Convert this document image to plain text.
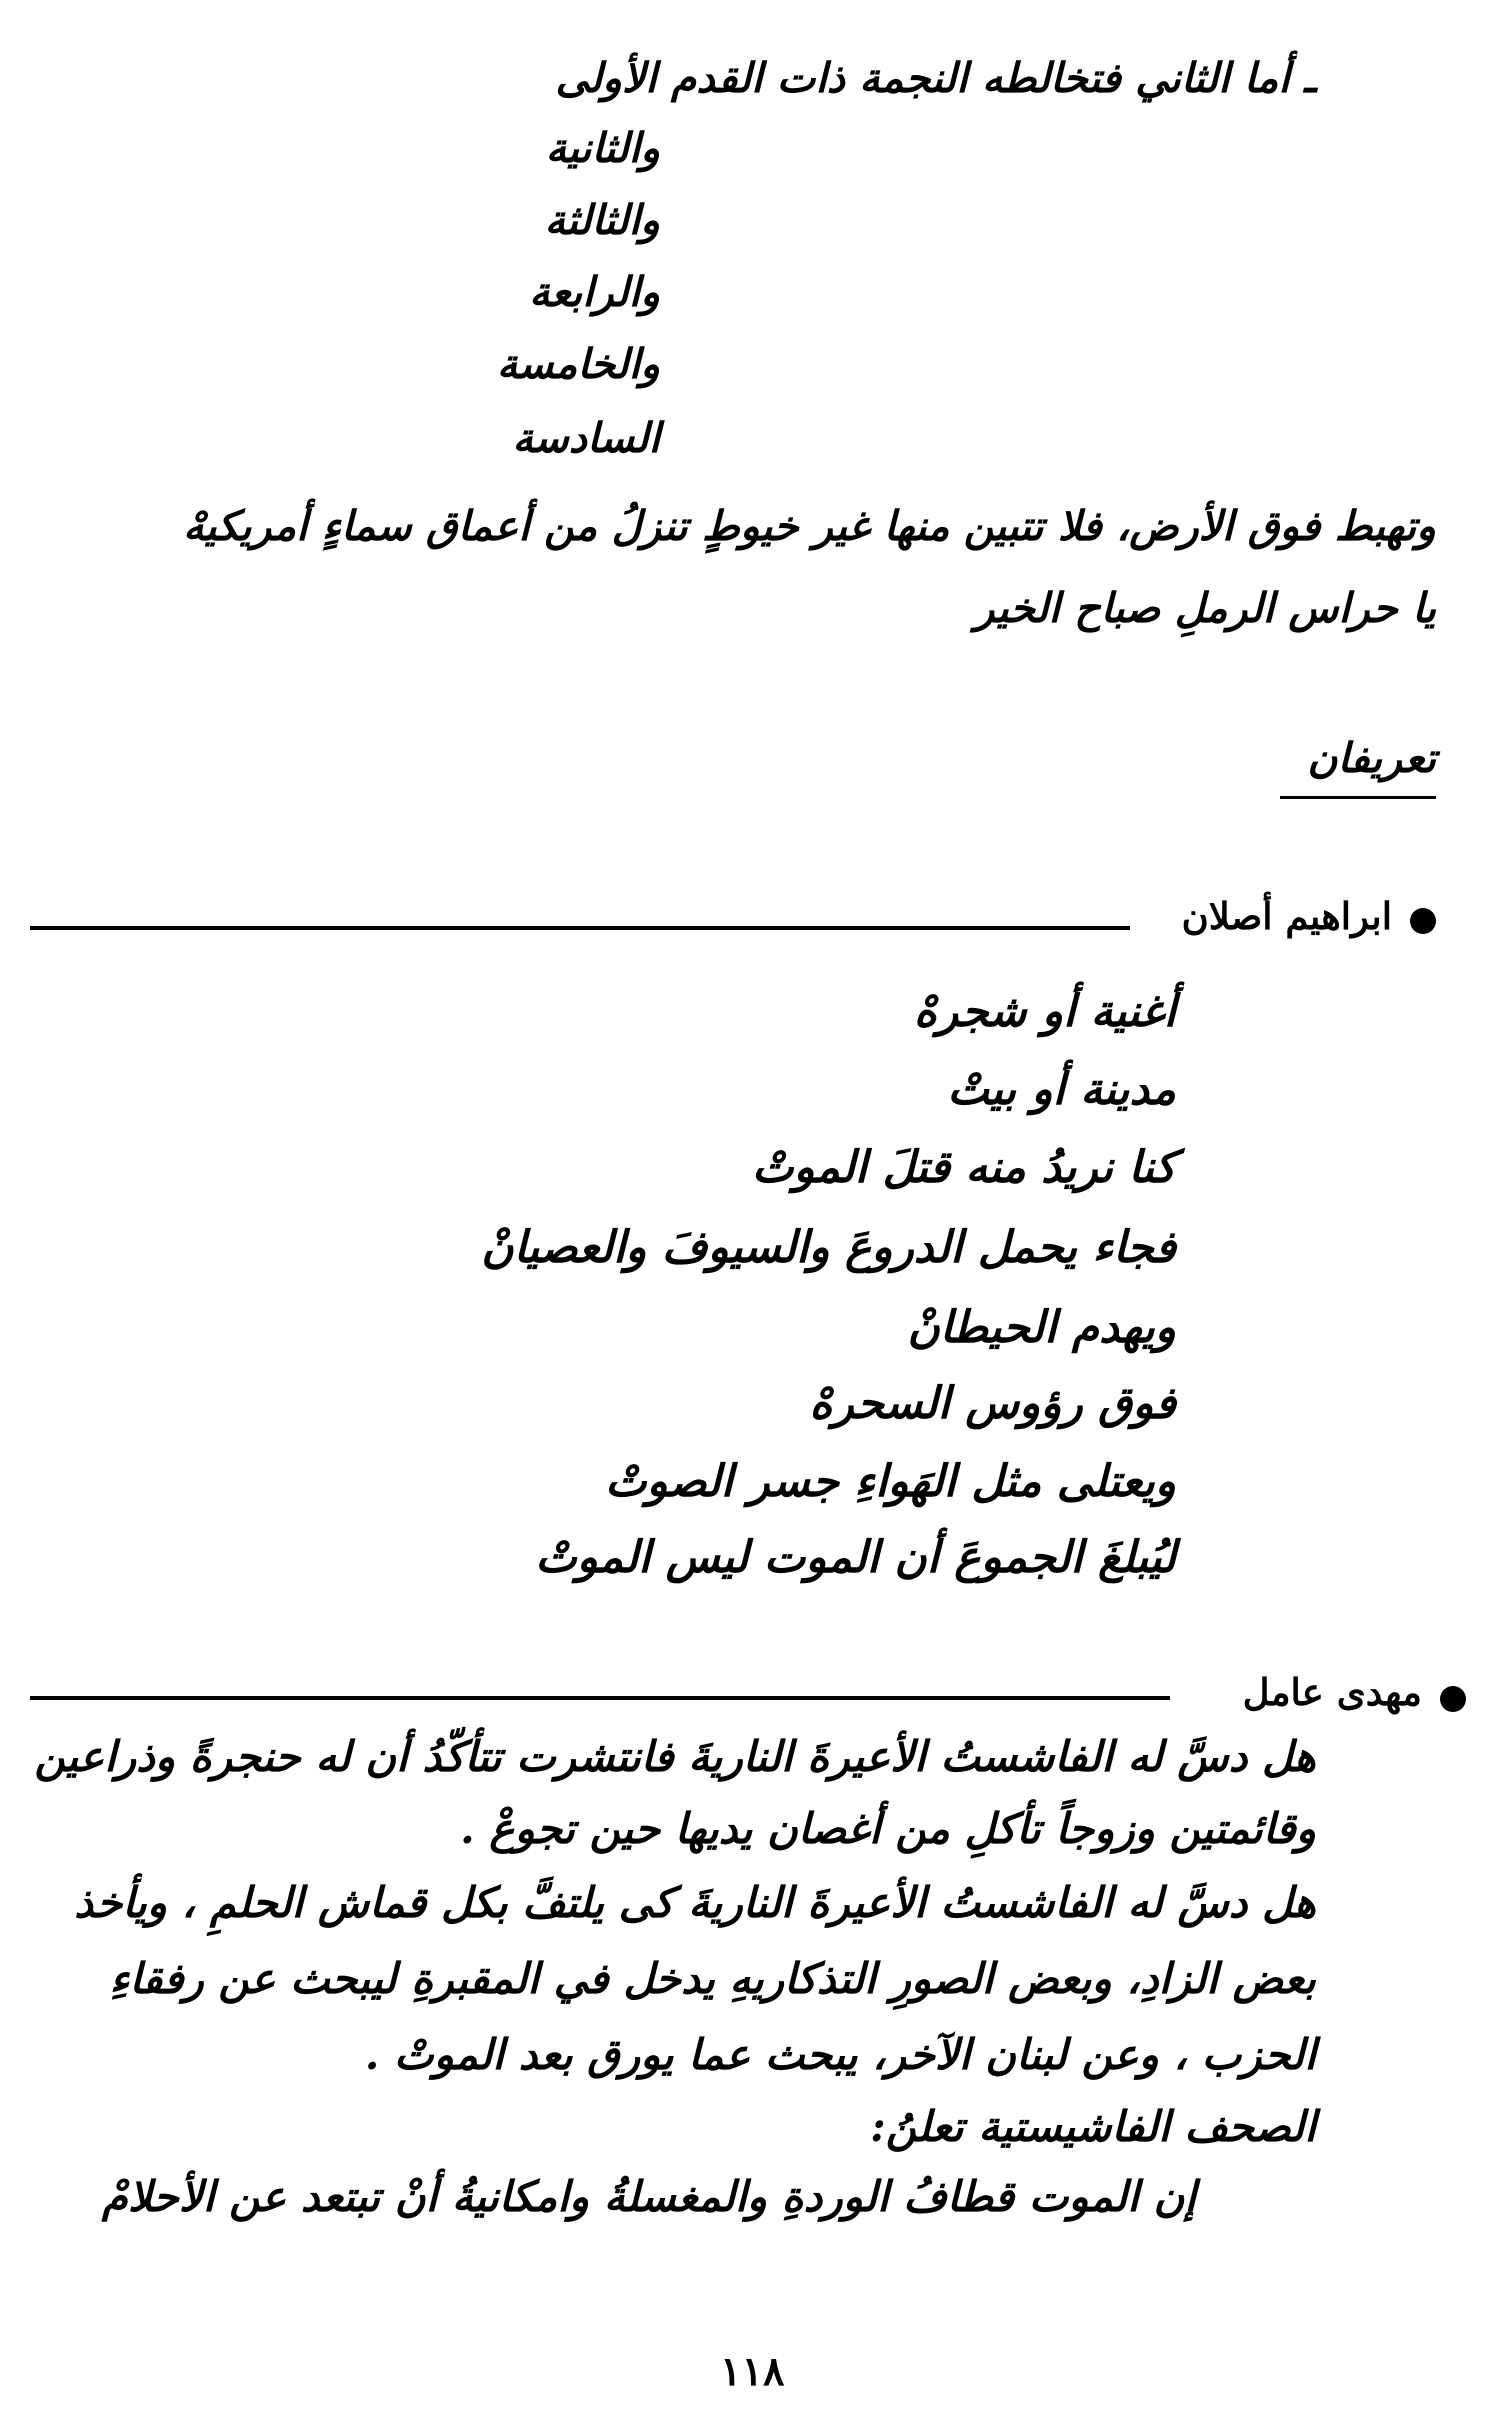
ـ أما الثاني فتخالطه النجمة ذات القدم الأولى
والثانية
والثالثة
والرابعة
والخامسة
السادسة
وتهبط فوق الأرض، فلا تتبين منها غير خيوطٍ تنزلُ من أعماق سماءٍ أمريكيهْ
يا حراس الرملِ صباح الخير
تعريفان
ابراهيم أصلان
أغنية أو شجرهْ
مدينة أو بيتْ
كنا نريدُ منه قتلَ الموتْ
فجاء يحمل الدروعَ والسيوفَ والعصيانْ
ويهدم الحيطانْ
فوق رؤوس السحرهْ
ويعتلى مثل الهَواءِ جسر الصوتْ
ليُبلغَ الجموعَ أن الموت ليس الموتْ
مهدى عامل
هل دسَّ له الفاشستُ الأعيرةَ الناريةَ فانتشرت تتأكّدُ أن له حنجرةً وذراعين
وقائمتين وزوجاً تأكلِ من أغصان يديها حين تجوعْ .
هل دسَّ له الفاشستُ الأعيرةَ الناريةَ كى يلتفَّ بكل قماش الحلمِ ، ويأخذ
بعض الزادِ، وبعض الصورِ التذكاريهِ يدخل في المقبرةِ ليبحث عن رفقاءِ
الحزب ، وعن لبنان الآخر، يبحث عما يورق بعد الموتْ .
الصحف الفاشيستية تعلنُ:
إن الموت قطافُ الوردةِ والمغسلةُ وامكانيةُ أنْ تبتعد عن الأحلامْ
١١٨
